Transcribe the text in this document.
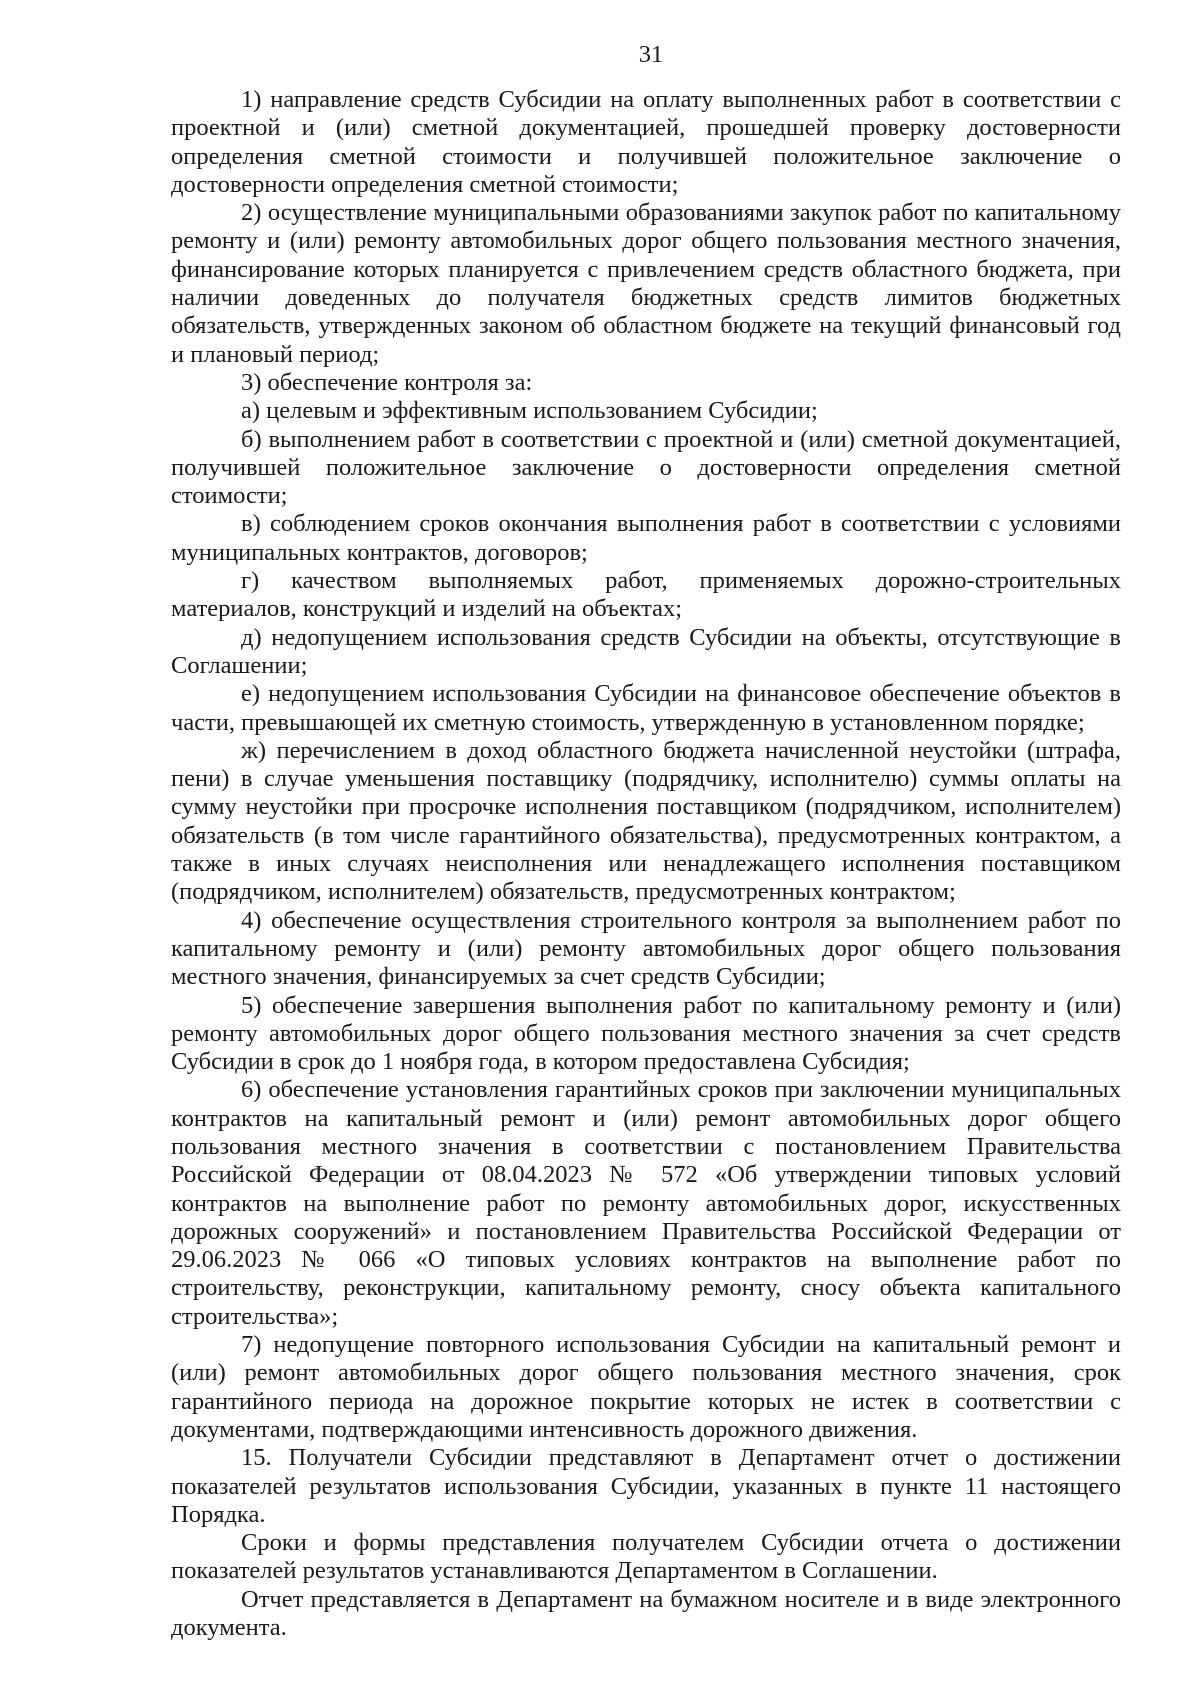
31

1) направление средств Субсидии на оплату выполненных работ в соответствии с проектной и (или) сметной документацией, прошедшей проверку достоверности определения сметной стоимости и получившей положительное заключение о достоверности определения сметной стоимости;

2) осуществление муниципальными образованиями закупок работ по капитальному ремонту и (или) ремонту автомобильных дорог общего пользования местного значения, финансирование которых планируется с привлечением средств областного бюджета, при наличии доведенных до получателя бюджетных средств лимитов бюджетных обязательств, утвержденных законом об областном бюджете на текущий финансовый год и плановый период;

3) обеспечение контроля за:

а) целевым и эффективным использованием Субсидии;

б) выполнением работ в соответствии с проектной и (или) сметной документацией, получившей положительное заключение о достоверности определения сметной стоимости;

в) соблюдением сроков окончания выполнения работ в соответствии с условиями муниципальных контрактов, договоров;

г) качеством выполняемых работ, применяемых дорожно-строительных материалов, конструкций и изделий на объектах;

д) недопущением использования средств Субсидии на объекты, отсутствующие в Соглашении;

е) недопущением использования Субсидии на финансовое обеспечение объектов в части, превышающей их сметную стоимость, утвержденную в установленном порядке;

ж) перечислением в доход областного бюджета начисленной неустойки (штрафа, пени) в случае уменьшения поставщику (подрядчику, исполнителю) суммы оплаты на сумму неустойки при просрочке исполнения поставщиком (подрядчиком, исполнителем) обязательств (в том числе гарантийного обязательства), предусмотренных контрактом, а также в иных случаях неисполнения или ненадлежащего исполнения поставщиком (подрядчиком, исполнителем) обязательств, предусмотренных контрактом;

4) обеспечение осуществления строительного контроля за выполнением работ по капитальному ремонту и (или) ремонту автомобильных дорог общего пользования местного значения, финансируемых за счет средств Субсидии;

5) обеспечение завершения выполнения работ по капитальному ремонту и (или) ремонту автомобильных дорог общего пользования местного значения за счет средств Субсидии в срок до 1 ноября года, в котором предоставлена Субсидия;

6) обеспечение установления гарантийных сроков при заключении муниципальных контрактов на капитальный ремонт и (или) ремонт автомобильных дорог общего пользования местного значения в соответствии с постановлением Правительства Российской Федерации от 08.04.2023 № 572 «Об утверждении типовых условий контрактов на выполнение работ по ремонту автомобильных дорог, искусственных дорожных сооружений» и постановлением Правительства Российской Федерации от 29.06.2023 № 066 «О типовых условиях контрактов на выполнение работ по строительству, реконструкции, капитальному ремонту, сносу объекта капитального строительства»;

7) недопущение повторного использования Субсидии на капитальный ремонт и (или) ремонт автомобильных дорог общего пользования местного значения, срок гарантийного периода на дорожное покрытие которых не истек в соответствии с документами, подтверждающими интенсивность дорожного движения.

15. Получатели Субсидии представляют в Департамент отчет о достижении показателей результатов использования Субсидии, указанных в пункте 11 настоящего Порядка.

Сроки и формы представления получателем Субсидии отчета о достижении показателей результатов устанавливаются Департаментом в Соглашении.

Отчет представляется в Департамент на бумажном носителе и в виде электронного документа.
